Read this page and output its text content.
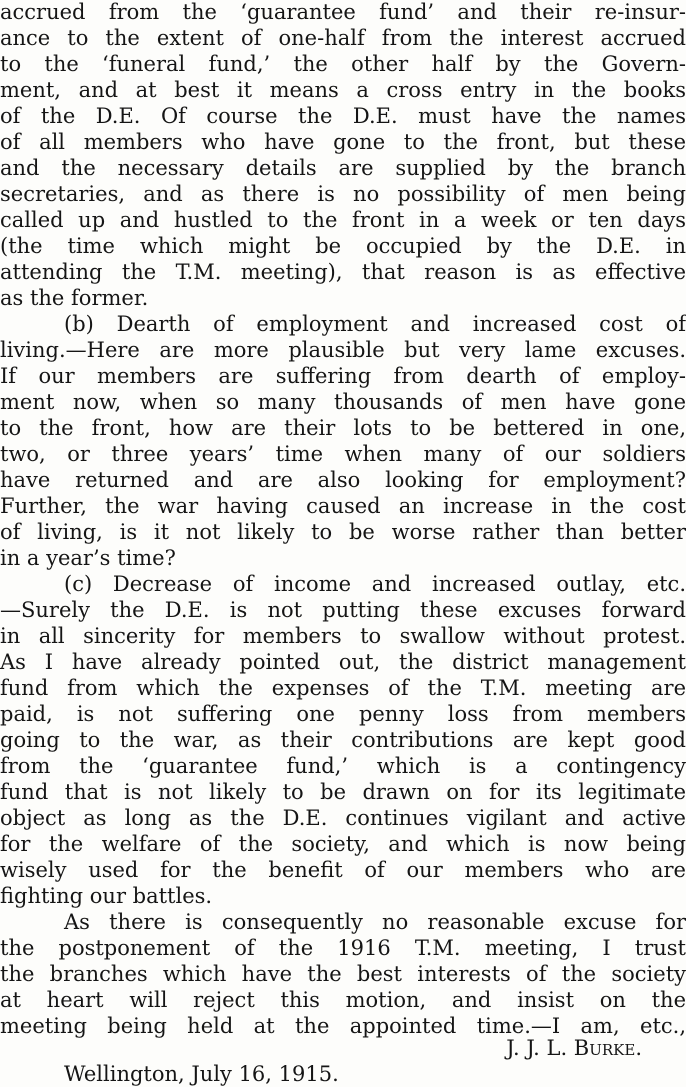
accrued from the ‘guarantee fund’ and their re-insur-
ance to the extent of one-half from the interest accrued
to the ‘funeral fund,’ the other half by the Govern-
ment, and at best it means a cross entry in the books
of the D.E. Of course the D.E. must have the names
of all members who have gone to the front, but these
and the necessary details are supplied by the branch
secretaries, and as there is no possibility of men being
called up and hustled to the front in a week or ten days
(the time which might be occupied by the D.E. in
attending the T.M. meeting), that reason is as effective
as the former.
(b) Dearth of employment and increased cost of
living.—Here are more plausible but very lame excuses.
If our members are suffering from dearth of employ-
ment now, when so many thousands of men have gone
to the front, how are their lots to be bettered in one,
two, or three years’ time when many of our soldiers
have returned and are also looking for employment?
Further, the war having caused an increase in the cost
of living, is it not likely to be worse rather than better
in a year’s time?
(c) Decrease of income and increased outlay, etc.
—Surely the D.E. is not putting these excuses forward
in all sincerity for members to swallow without protest.
As I have already pointed out, the district management
fund from which the expenses of the T.M. meeting are
paid, is not suffering one penny loss from members
going to the war, as their contributions are kept good
from the ‘guarantee fund,’ which is a contingency
fund that is not likely to be drawn on for its legitimate
object as long as the D.E. continues vigilant and active
for the welfare of the society, and which is now being
wisely used for the benefit of our members who are
fighting our battles.
As there is consequently no reasonable excuse for
the postponement of the 1916 T.M. meeting, I trust
the branches which have the best interests of the society
at heart will reject this motion, and insist on the
meeting being held at the appointed time.—I am, etc.,
J. J. L. Burke.
Wellington, July 16, 1915.
